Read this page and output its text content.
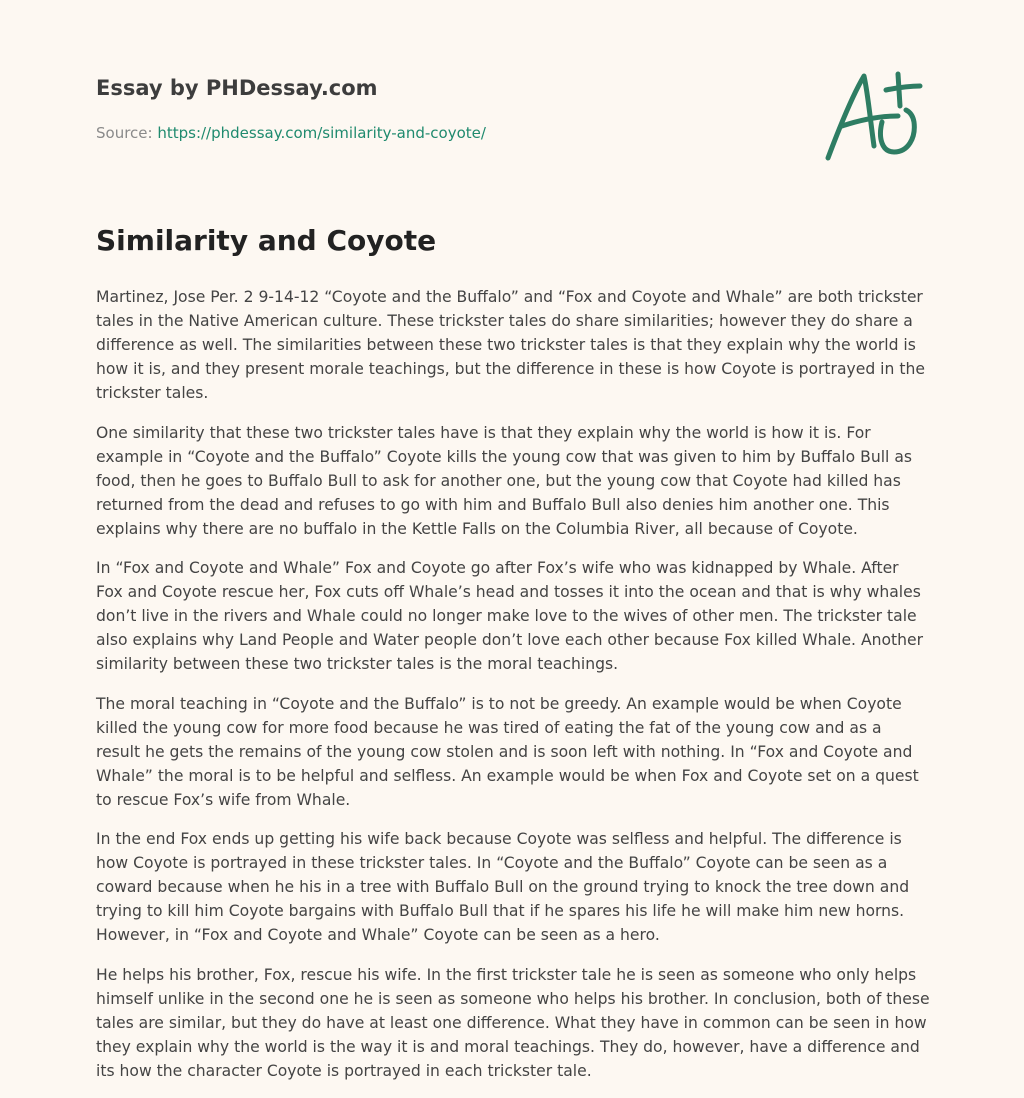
Essay by PHDessay.com
Source: https://phdessay.com/similarity-and-coyote/
Similarity and Coyote

Martinez, Jose Per. 2 9-14-12 “Coyote and the Buffalo” and “Fox and Coyote and Whale” are both trickster tales in the Native American culture. These trickster tales do share similarities; however they do share a difference as well. The similarities between these two trickster tales is that they explain why the world is how it is, and they present morale teachings, but the difference in these is how Coyote is portrayed in the trickster tales.

One similarity that these two trickster tales have is that they explain why the world is how it is. For example in “Coyote and the Buffalo” Coyote kills the young cow that was given to him by Buffalo Bull as food, then he goes to Buffalo Bull to ask for another one, but the young cow that Coyote had killed has returned from the dead and refuses to go with him and Buffalo Bull also denies him another one. This explains why there are no buffalo in the Kettle Falls on the Columbia River, all because of Coyote.

In “Fox and Coyote and Whale” Fox and Coyote go after Fox’s wife who was kidnapped by Whale. After Fox and Coyote rescue her, Fox cuts off Whale’s head and tosses it into the ocean and that is why whales don’t live in the rivers and Whale could no longer make love to the wives of other men. The trickster tale also explains why Land People and Water people don’t love each other because Fox killed Whale. Another similarity between these two trickster tales is the moral teachings.

The moral teaching in “Coyote and the Buffalo” is to not be greedy. An example would be when Coyote killed the young cow for more food because he was tired of eating the fat of the young cow and as a result he gets the remains of the young cow stolen and is soon left with nothing. In “Fox and Coyote and Whale” the moral is to be helpful and selfless. An example would be when Fox and Coyote set on a quest to rescue Fox’s wife from Whale.

In the end Fox ends up getting his wife back because Coyote was selfless and helpful. The difference is how Coyote is portrayed in these trickster tales. In “Coyote and the Buffalo” Coyote can be seen as a coward because when he his in a tree with Buffalo Bull on the ground trying to knock the tree down and trying to kill him Coyote bargains with Buffalo Bull that if he spares his life he will make him new horns. However, in “Fox and Coyote and Whale” Coyote can be seen as a hero.

He helps his brother, Fox, rescue his wife. In the first trickster tale he is seen as someone who only helps himself unlike in the second one he is seen as someone who helps his brother. In conclusion, both of these tales are similar, but they do have at least one difference. What they have in common can be seen in how they explain why the world is the way it is and moral teachings. They do, however, have a difference and its how the character Coyote is portrayed in each trickster tale.
